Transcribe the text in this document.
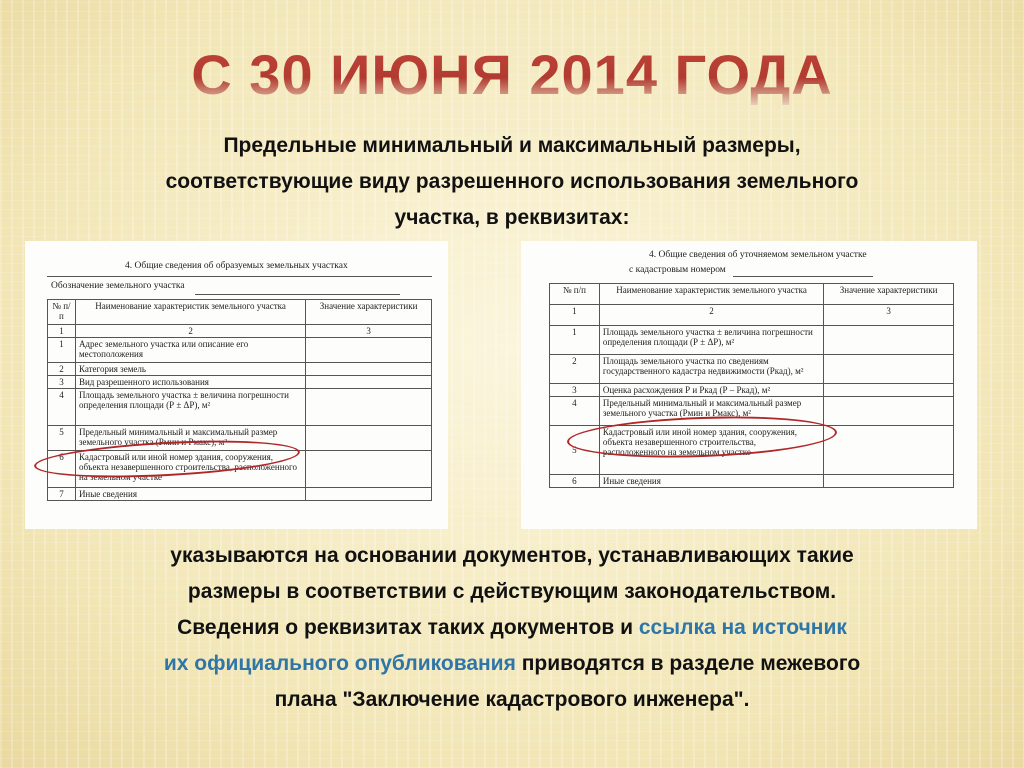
С 30 ИЮНЯ 2014 ГОДА
Предельные минимальный и максимальный размеры,
соответствующие виду разрешенного использования земельного
участка, в реквизитах:
4. Общие сведения об образуемых земельных участках
Обозначение земельного участка
№ п/п	Наименование характеристик земельного участка	Значение характеристики
1	2	3
1	Адрес земельного участка или описание его местоположения	
2	Категория земель	
3	Вид разрешенного использования	
4	Площадь земельного участка ± величина погрешности определения площади (Р ± ΔР), м²	
5	Предельный минимальный и максимальный размер земельного участка (Рмин и Рмакс), м²	
6	Кадастровый или иной номер здания, сооружения, объекта незавершенного строительства, расположенного на земельном участке	
7	Иные сведения	
4. Общие сведения об уточняемом земельном участке
с кадастровым номером
№ п/п	Наименование характеристик земельного участка	Значение характеристики
1	2	3
1	Площадь земельного участка ± величина погрешности определения площади (Р ± ΔР), м²	
2	Площадь земельного участка по сведениям государственного кадастра недвижимости (Ркад), м²	
3	Оценка расхождения Р и Ркад (Р – Ркад), м²	
4	Предельный минимальный и максимальный размер земельного участка (Рмин и Рмакс), м²	
5	Кадастровый или иной номер здания, сооружения, объекта незавершенного строительства, расположенного на земельном участке	
6	Иные сведения	
указываются на основании документов, устанавливающих такие
размеры в соответствии с действующим законодательством.
Сведения о реквизитах таких документов и ссылка на источник
их официального опубликования приводятся в разделе межевого
плана "Заключение кадастрового инженера".
